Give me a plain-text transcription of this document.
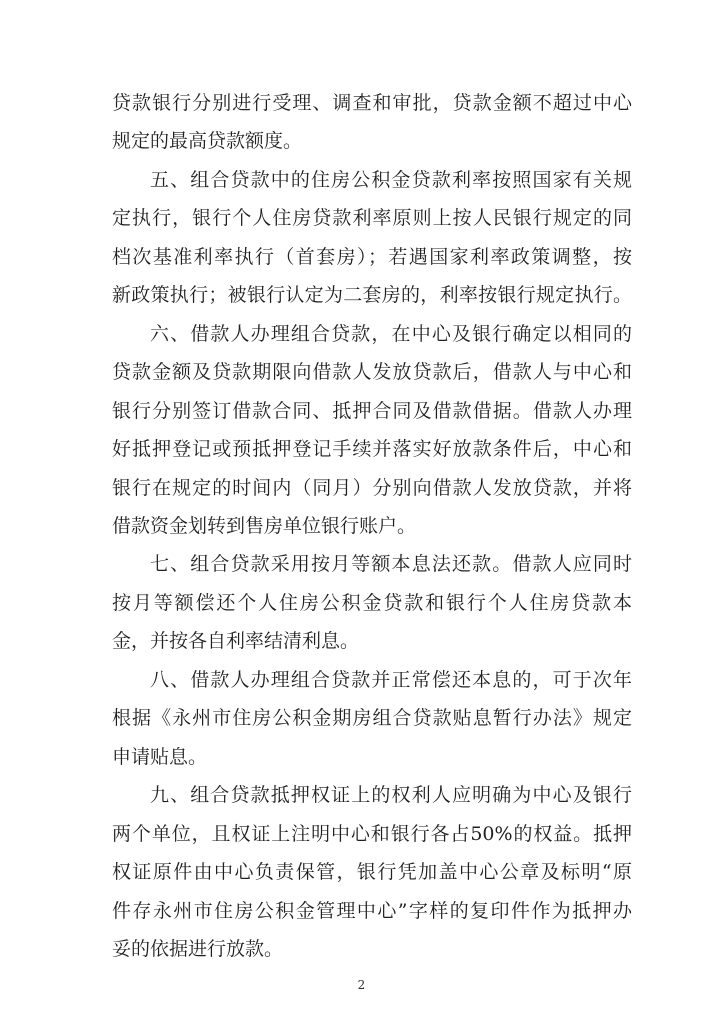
贷款银行分别进行受理、调查和审批，贷款金额不超过中心
规定的最高贷款额度。
五、组合贷款中的住房公积金贷款利率按照国家有关规
定执行，银行个人住房贷款利率原则上按人民银行规定的同
档次基准利率执行（首套房）；若遇国家利率政策调整，按
新政策执行；被银行认定为二套房的，利率按银行规定执行。
六、借款人办理组合贷款，在中心及银行确定以相同的
贷款金额及贷款期限向借款人发放贷款后，借款人与中心和
银行分别签订借款合同、抵押合同及借款借据。借款人办理
好抵押登记或预抵押登记手续并落实好放款条件后，中心和
银行在规定的时间内（同月）分别向借款人发放贷款，并将
借款资金划转到售房单位银行账户。
七、组合贷款采用按月等额本息法还款。借款人应同时
按月等额偿还个人住房公积金贷款和银行个人住房贷款本
金，并按各自利率结清利息。
八、借款人办理组合贷款并正常偿还本息的，可于次年
根据《永州市住房公积金期房组合贷款贴息暂行办法》规定
申请贴息。
九、组合贷款抵押权证上的权利人应明确为中心及银行
两个单位，且权证上注明中心和银行各占50%的权益。抵押
2
权证原件由中心负责保管，银行凭加盖中心公章及标明“原
件存永州市住房公积金管理中心”字样的复印件作为抵押办
妥的依据进行放款。
